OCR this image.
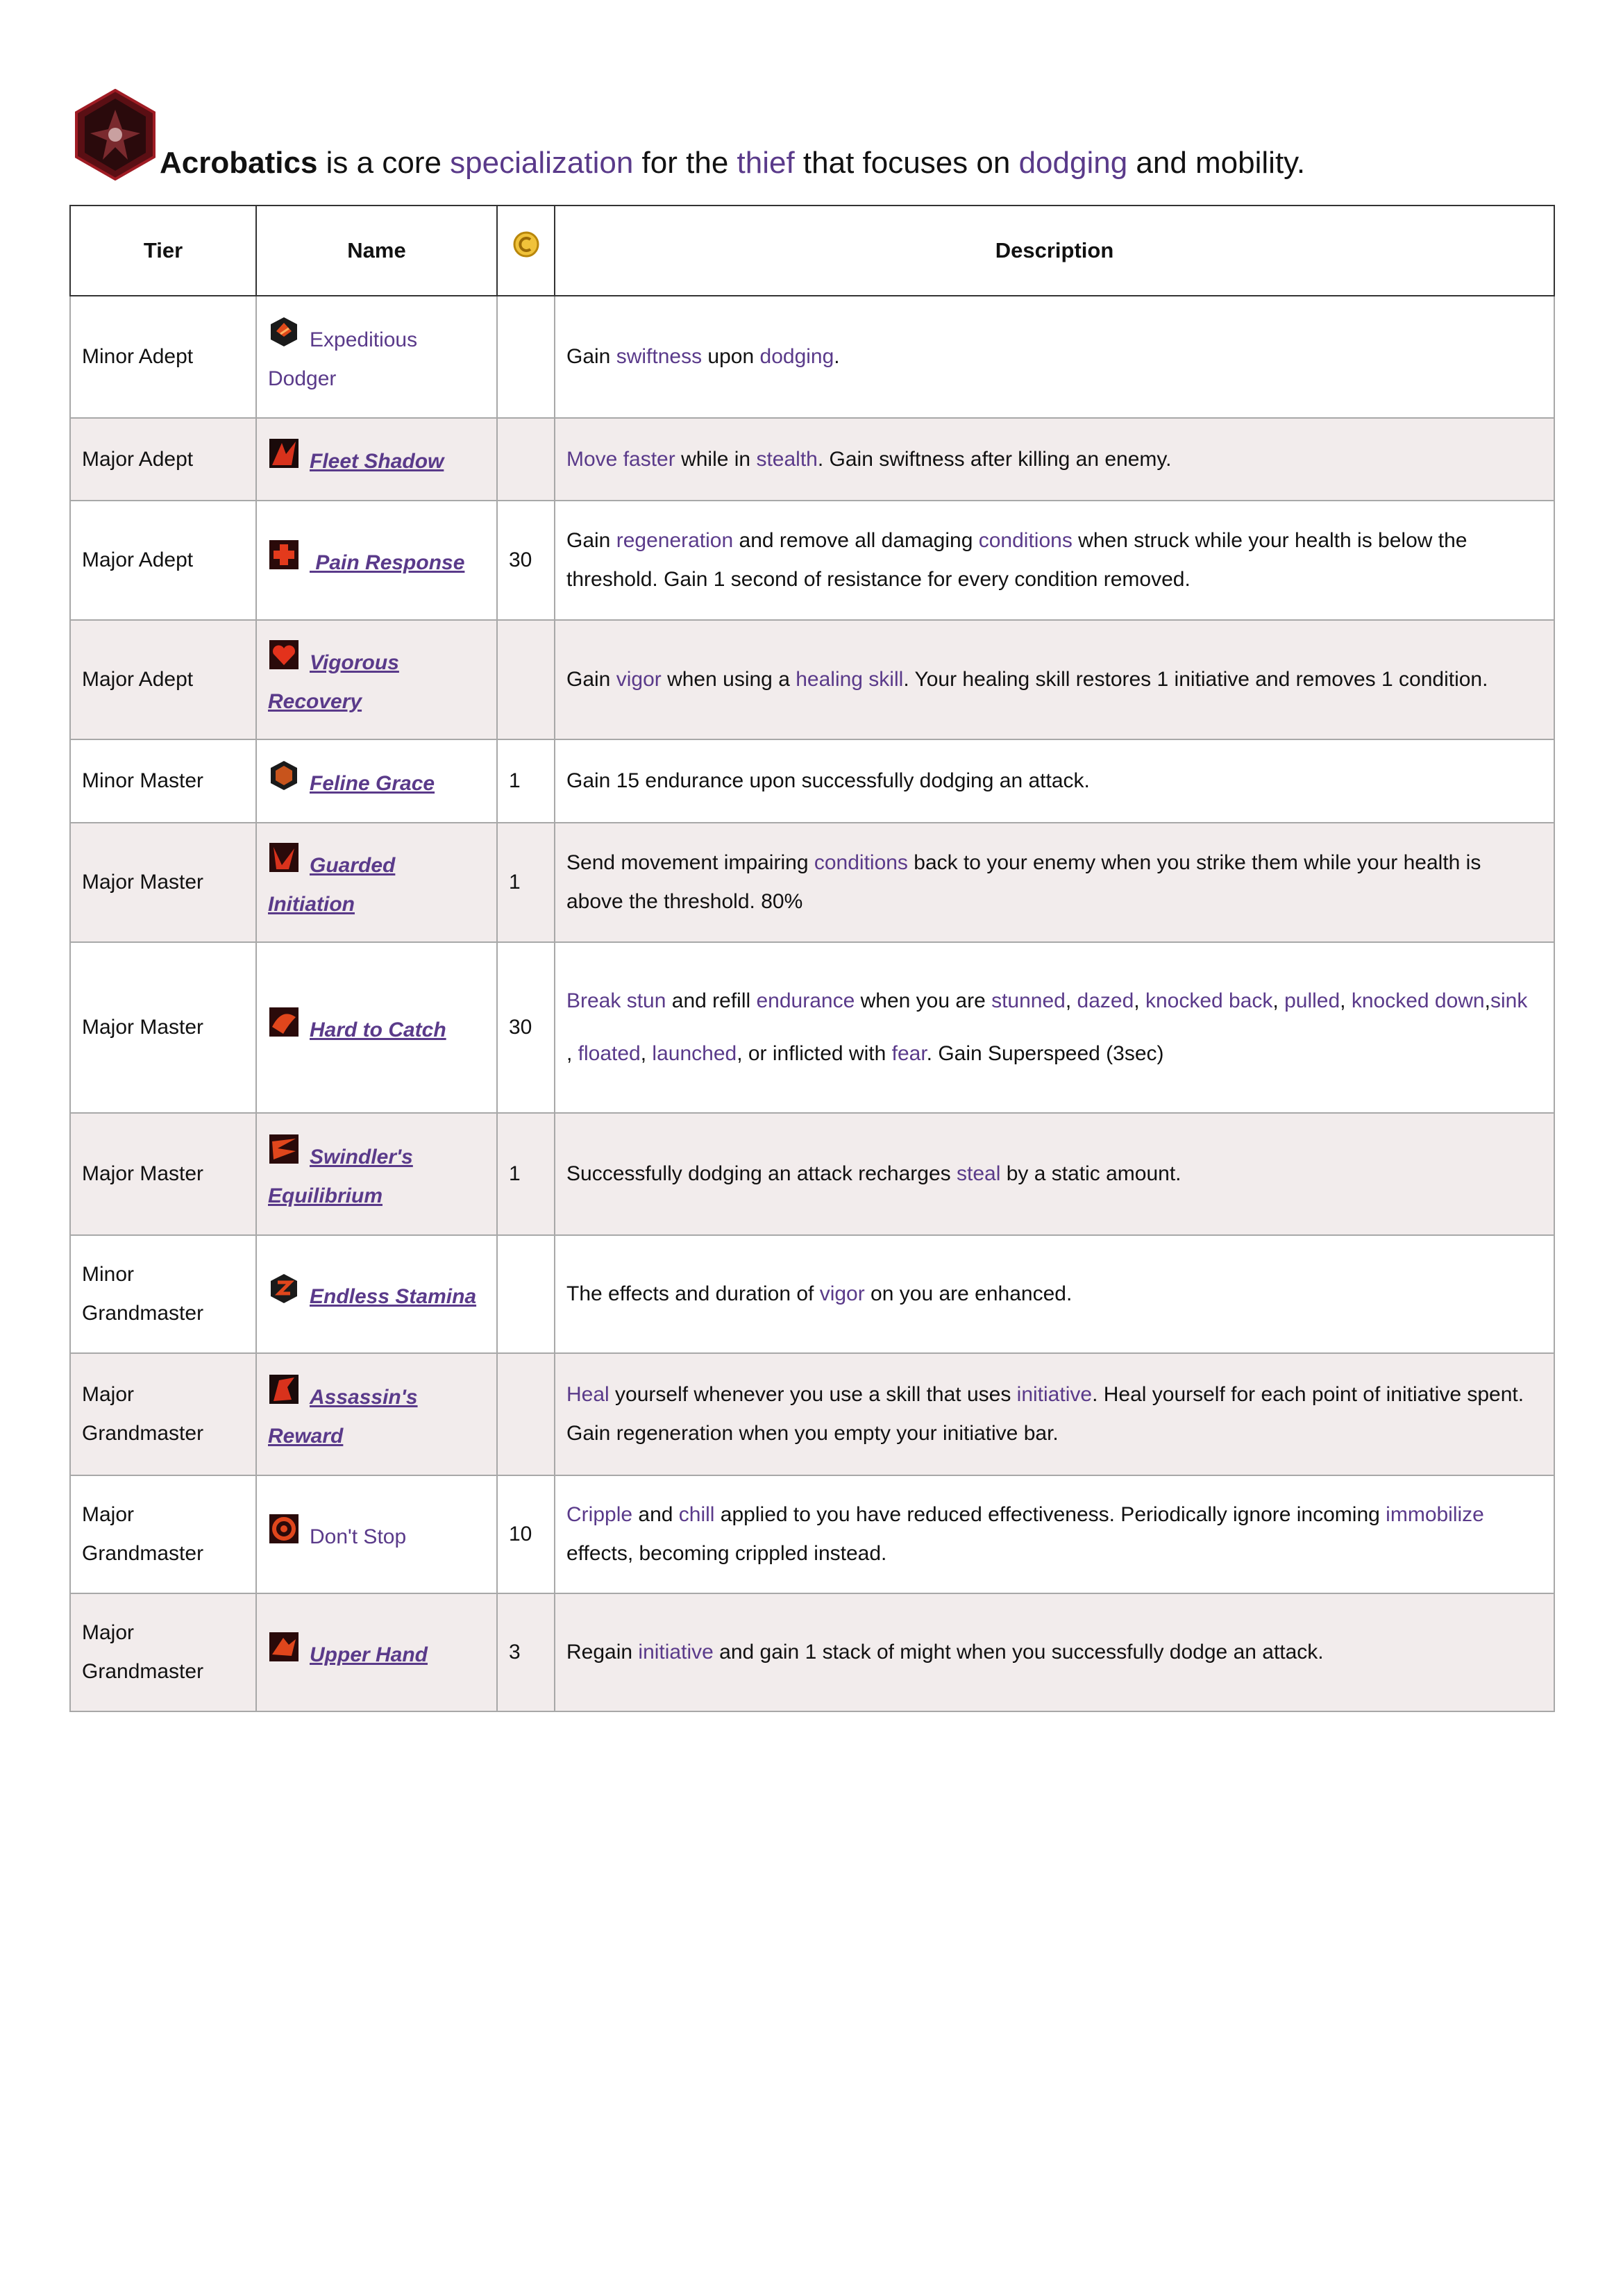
Acrobatics is a core specialization for the thief that focuses on dodging and mobility.
Tier	Name		Description
Minor Adept	Expeditious Dodger		Gain swiftness upon dodging.
Major Adept	Fleet Shadow		Move faster while in stealth. Gain swiftness after killing an enemy.
Major Adept	Pain Response	30	Gain regeneration and remove all damaging conditions when struck while your health is below the threshold. Gain 1 second of resistance for every condition removed.
Major Adept	Vigorous Recovery		Gain vigor when using a healing skill. Your healing skill restores 1 initiative and removes 1 condition.
Minor Master	Feline Grace	1	Gain 15 endurance upon successfully dodging an attack.
Major Master	Guarded Initiation	1	Send movement impairing conditions back to your enemy when you strike them while your health is above the threshold. 80%
Major Master	Hard to Catch	30	Break stun and refill endurance when you are stunned, dazed, knocked back, pulled, knocked down,sink
, floated, launched, or inflicted with fear. Gain Superspeed (3sec)

Major Master	Swindler's Equilibrium	1	Successfully dodging an attack recharges steal by a static amount.
Minor Grandmaster	Endless Stamina		The effects and duration of vigor on you are enhanced.
Major Grandmaster	Assassin's Reward		Heal yourself whenever you use a skill that uses initiative. Heal yourself for each point of initiative spent. Gain regeneration when you empty your initiative bar.
Major Grandmaster	Don't Stop	10	Cripple and chill applied to you have reduced effectiveness. Periodically ignore incoming immobilize effects, becoming crippled instead.
Major Grandmaster	Upper Hand	3	Regain initiative and gain 1 stack of might when you successfully dodge an attack.
